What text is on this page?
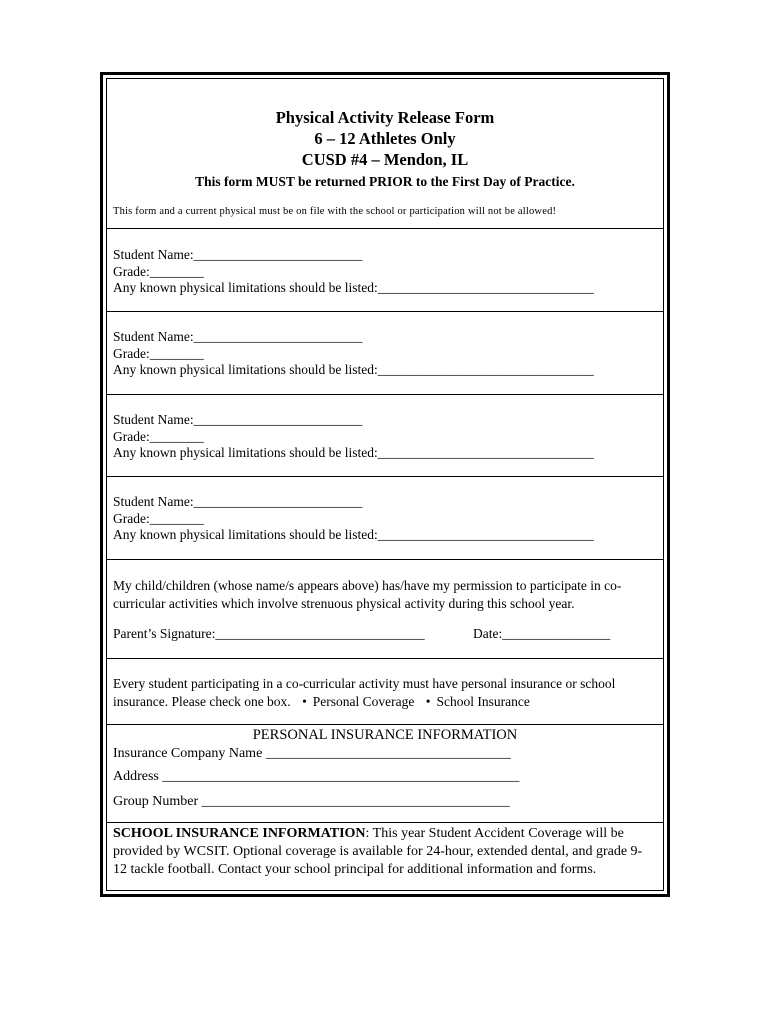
Physical Activity Release Form
6 – 12 Athletes Only
CUSD #4 – Mendon, IL
This form MUST be returned PRIOR to the First Day of Practice.
This form and a current physical must be on file with the school or participation will not be allowed!
Student Name:_________________________
Grade:________
Any known physical limitations should be listed:________________________________
Student Name:_________________________
Grade:________
Any known physical limitations should be listed:________________________________
Student Name:_________________________
Grade:________
Any known physical limitations should be listed:________________________________
Student Name:_________________________
Grade:________
Any known physical limitations should be listed:________________________________
My child/children (whose name/s appears above) has/have my permission to participate in co-curricular activities which involve strenuous physical activity during this school year.
Parent’s Signature:_______________________________	Date:________________
Every student participating in a co-curricular activity must have personal insurance or school insurance. Please check one box. • Personal Coverage • School Insurance
PERSONAL INSURANCE INFORMATION
Insurance Company Name ___________________________________
Address ___________________________________________________
Group Number ____________________________________________
SCHOOL INSURANCE INFORMATION: This year Student Accident Coverage will be provided by WCSIT. Optional coverage is available for 24-hour, extended dental, and grade 9-12 tackle football. Contact your school principal for additional information and forms.
